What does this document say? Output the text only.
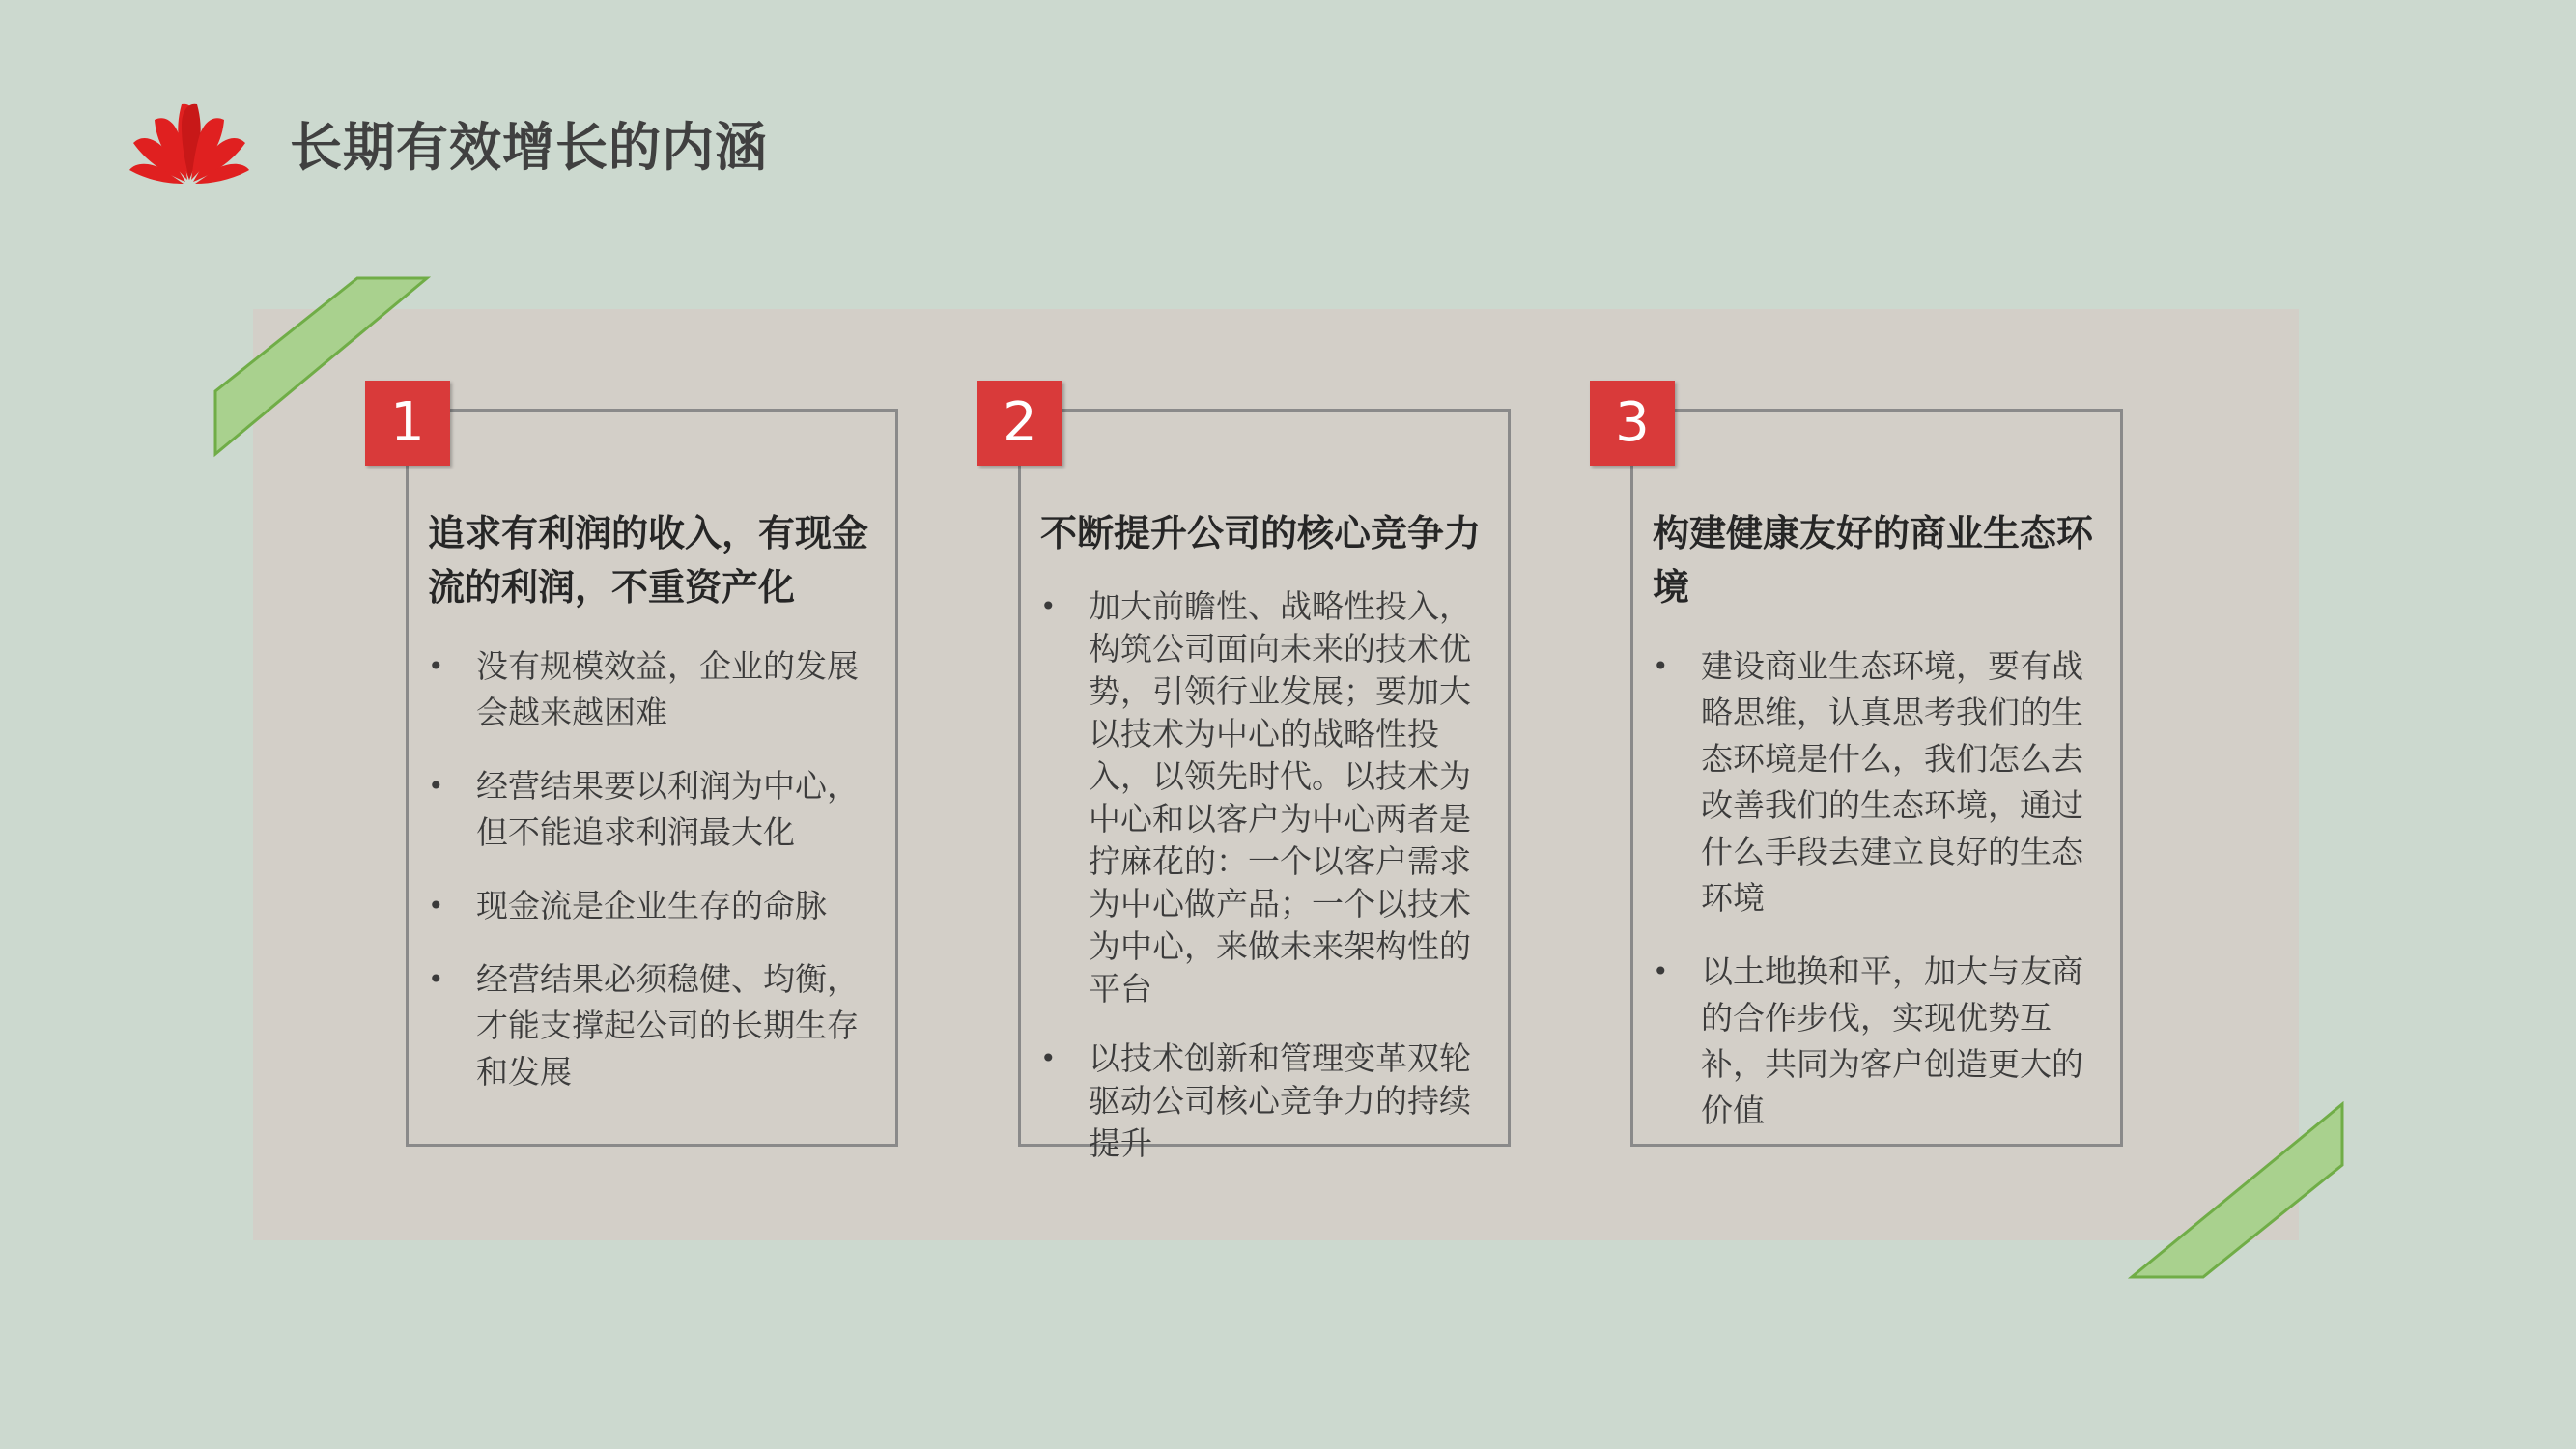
长期有效增长的内涵
追求有利润的收入，有现金流的利润，不重资产化
• 没有规模效益，企业的发展会越来越困难
• 经营结果要以利润为中心，但不能追求利润最大化
• 现金流是企业生存的命脉
• 经营结果必须稳健、均衡，才能支撑起公司的长期生存和发展
1
不断提升公司的核心竞争力
• 加大前瞻性、战略性投入，构筑公司面向未来的技术优势，引领行业发展；要加大以技术为中心的战略性投入，以领先时代。以技术为中心和以客户为中心两者是拧麻花的：一个以客户需求为中心做产品；一个以技术为中心，来做未来架构性的平台
• 以技术创新和管理变革双轮驱动公司核心竞争力的持续提升
2
构建健康友好的商业生态环境
• 建设商业生态环境，要有战略思维，认真思考我们的生态环境是什么，我们怎么去改善我们的生态环境，通过什么手段去建立良好的生态环境
• 以土地换和平，加大与友商的合作步伐，实现优势互补，共同为客户创造更大的价值
3
